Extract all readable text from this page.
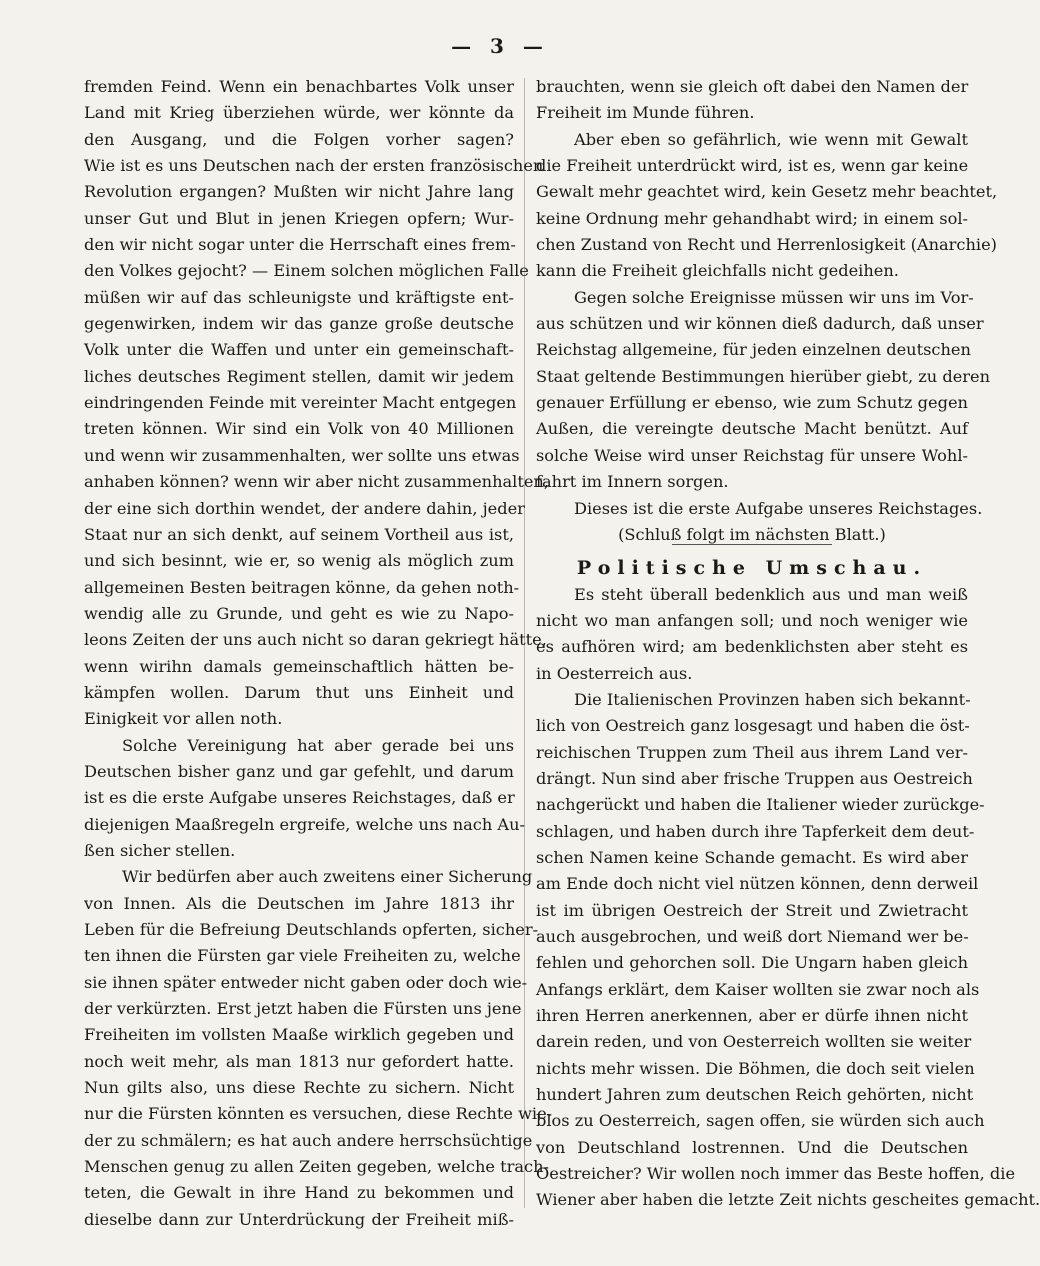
— 3 —
fremden Feind. Wenn ein benachbartes Volk unser
Land mit Krieg überziehen würde, wer könnte da
den Ausgang, und die Folgen vorher sagen?
Wie ist es uns Deutschen nach der ersten französischen
Revolution ergangen? Mußten wir nicht Jahre lang
unser Gut und Blut in jenen Kriegen opfern; Wur-
den wir nicht sogar unter die Herrschaft eines frem-
den Volkes gejocht? — Einem solchen möglichen Falle
müßen wir auf das schleunigste und kräftigste ent-
gegenwirken, indem wir das ganze große deutsche
Volk unter die Waffen und unter ein gemeinschaft-
liches deutsches Regiment stellen, damit wir jedem
eindringenden Feinde mit vereinter Macht entgegen
treten können. Wir sind ein Volk von 40 Millionen
und wenn wir zusammenhalten, wer sollte uns etwas
anhaben können? wenn wir aber nicht zusammenhalten,
der eine sich dorthin wendet, der andere dahin, jeder
Staat nur an sich denkt, auf seinem Vortheil aus ist,
und sich besinnt, wie er, so wenig als möglich zum
allgemeinen Besten beitragen könne, da gehen noth-
wendig alle zu Grunde, und geht es wie zu Napo-
leons Zeiten der uns auch nicht so daran gekriegt hätte,
wenn wirihn damals gemeinschaftlich hätten be-
kämpfen wollen. Darum thut uns Einheit und
Einigkeit vor allen noth.
Solche Vereinigung hat aber gerade bei uns
Deutschen bisher ganz und gar gefehlt, und darum
ist es die erste Aufgabe unseres Reichstages, daß er
diejenigen Maaßregeln ergreife, welche uns nach Au-
ßen sicher stellen.
Wir bedürfen aber auch zweitens einer Sicherung
von Innen. Als die Deutschen im Jahre 1813 ihr
Leben für die Befreiung Deutschlands opferten, sicher-
ten ihnen die Fürsten gar viele Freiheiten zu, welche
sie ihnen später entweder nicht gaben oder doch wie-
der verkürzten. Erst jetzt haben die Fürsten uns jene
Freiheiten im vollsten Maaße wirklich gegeben und
noch weit mehr, als man 1813 nur gefordert hatte.
Nun gilts also, uns diese Rechte zu sichern. Nicht
nur die Fürsten könnten es versuchen, diese Rechte wie-
der zu schmälern; es hat auch andere herrschsüchtige
Menschen genug zu allen Zeiten gegeben, welche trach-
teten, die Gewalt in ihre Hand zu bekommen und
dieselbe dann zur Unterdrückung der Freiheit miß-
brauchten, wenn sie gleich oft dabei den Namen der
Freiheit im Munde führen.
Aber eben so gefährlich, wie wenn mit Gewalt
die Freiheit unterdrückt wird, ist es, wenn gar keine
Gewalt mehr geachtet wird, kein Gesetz mehr beachtet,
keine Ordnung mehr gehandhabt wird; in einem sol-
chen Zustand von Recht und Herrenlosigkeit (Anarchie)
kann die Freiheit gleichfalls nicht gedeihen.
Gegen solche Ereignisse müssen wir uns im Vor-
aus schützen und wir können dieß dadurch, daß unser
Reichstag allgemeine, für jeden einzelnen deutschen
Staat geltende Bestimmungen hierüber giebt, zu deren
genauer Erfüllung er ebenso, wie zum Schutz gegen
Außen, die vereingte deutsche Macht benützt. Auf
solche Weise wird unser Reichstag für unsere Wohl-
fahrt im Innern sorgen.
Dieses ist die erste Aufgabe unseres Reichstages.
(Schluß folgt im nächsten Blatt.)
Politische Umschau.
Es steht überall bedenklich aus und man weiß
nicht wo man anfangen soll; und noch weniger wie
es aufhören wird; am bedenklichsten aber steht es
in Oesterreich aus.
Die Italienischen Provinzen haben sich bekannt-
lich von Oestreich ganz losgesagt und haben die öst-
reichischen Truppen zum Theil aus ihrem Land ver-
drängt. Nun sind aber frische Truppen aus Oestreich
nachgerückt und haben die Italiener wieder zurückge-
schlagen, und haben durch ihre Tapferkeit dem deut-
schen Namen keine Schande gemacht. Es wird aber
am Ende doch nicht viel nützen können, denn derweil
ist im übrigen Oestreich der Streit und Zwietracht
auch ausgebrochen, und weiß dort Niemand wer be-
fehlen und gehorchen soll. Die Ungarn haben gleich
Anfangs erklärt, dem Kaiser wollten sie zwar noch als
ihren Herren anerkennen, aber er dürfe ihnen nicht
darein reden, und von Oesterreich wollten sie weiter
nichts mehr wissen. Die Böhmen, die doch seit vielen
hundert Jahren zum deutschen Reich gehörten, nicht
blos zu Oesterreich, sagen offen, sie würden sich auch
von Deutschland lostrennen. Und die Deutschen
Oestreicher? Wir wollen noch immer das Beste hoffen, die
Wiener aber haben die letzte Zeit nichts gescheites gemacht.
